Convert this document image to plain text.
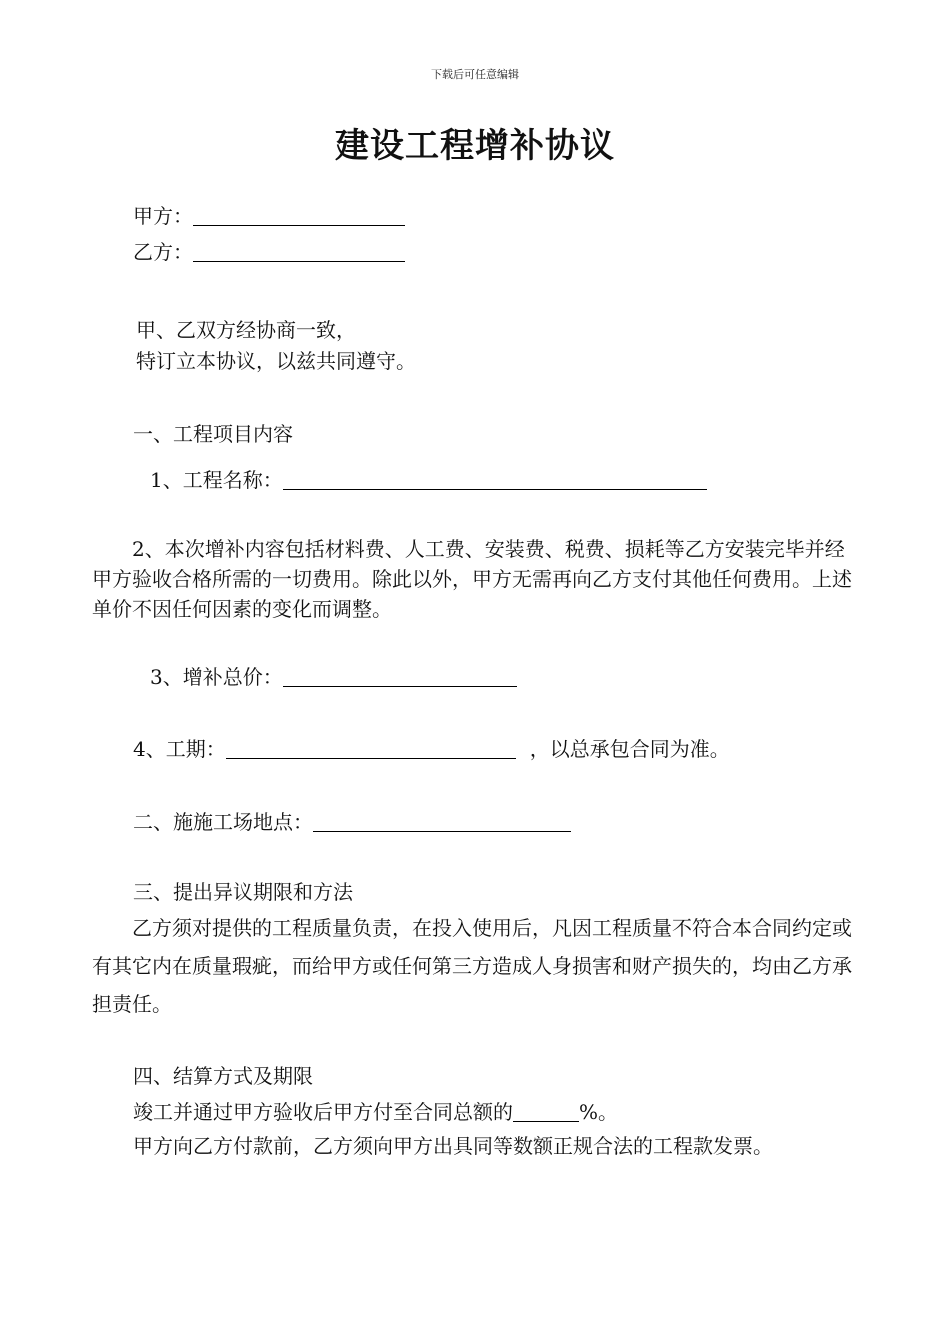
下载后可任意编辑
建设工程增补协议
甲方：
乙方：
甲、乙双方经协商一致，
特订立本协议，以兹共同遵守。
一、工程项目内容
1、工程名称：
　　2、本次增补内容包括材料费、人工费、安装费、税费、损耗等乙方安装完毕并经甲方验收合格所需的一切费用。除此以外，甲方无需再向乙方支付其他任何费用。上述单价不因任何因素的变化而调整。
3、增补总价：
4、工期：	，以总承包合同为准。
二、施施工场地点：
三、提出异议期限和方法
　　乙方须对提供的工程质量负责，在投入使用后，凡因工程质量不符合本合同约定或有其它内在质量瑕疵，而给甲方或任何第三方造成人身损害和财产损失的，均由乙方承担责任。
四、结算方式及期限
竣工并通过甲方验收后甲方付至合同总额的	%。
甲方向乙方付款前，乙方须向甲方出具同等数额正规合法的工程款发票。
